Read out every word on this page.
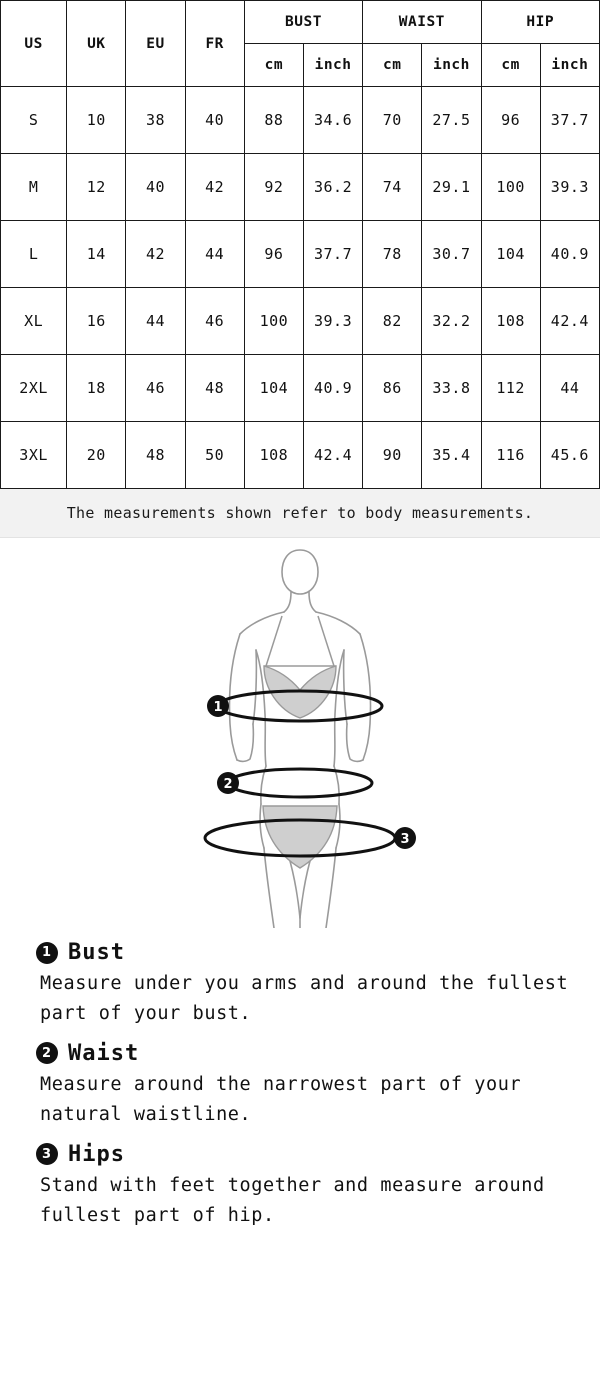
US	UK	EU	FR	BUST		WAIST		HIP	
				cm	inch	cm	inch	cm	inch
S	10	38	40	88	34.6	70	27.5	96	37.7
M	12	40	42	92	36.2	74	29.1	100	39.3
L	14	42	44	96	37.7	78	30.7	104	40.9
XL	16	44	46	100	39.3	82	32.2	108	42.4
2XL	18	46	48	104	40.9	86	33.8	112	44
3XL	20	48	50	108	42.4	90	35.4	116	45.6
The measurements shown refer to body measurements.
1
2
3
1 Bust

Measure under you arms and around the fullest part of your bust.

2 Waist

Measure around the narrowest part of your natural waistline.

3 Hips

Stand with feet together and measure around fullest part of hip.
